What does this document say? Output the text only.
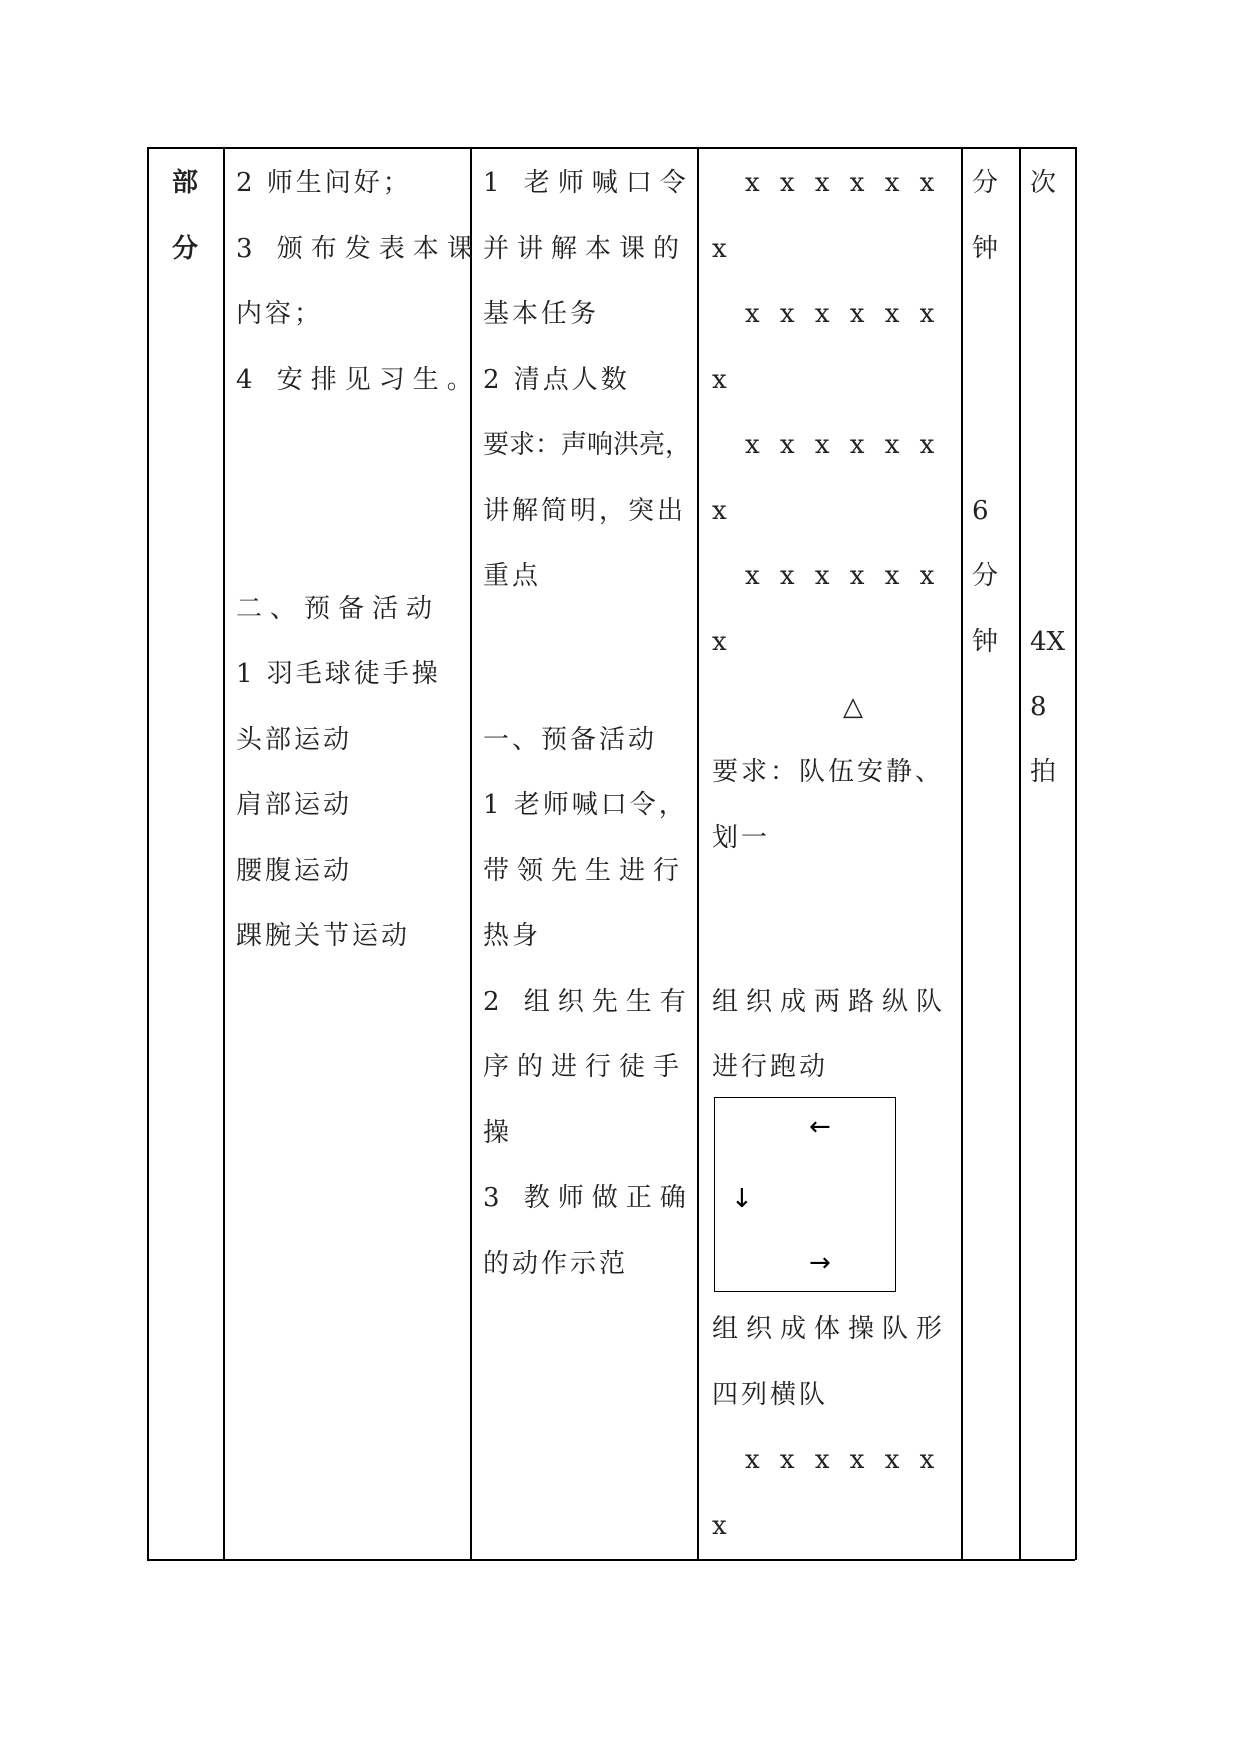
部
分
2 师生问好；
3 颁布发表本课
内容；
4 安排见习生。
二、预备活动
1 羽毛球徒手操
头部运动
肩部运动
腰腹运动
踝腕关节运动
1 老师喊口令
并讲解本课的
基本任务
2 清点人数
要求：声响洪亮，
讲解简明，突出
重点
一、预备活动
1 老师喊口令，
带领先生进行
热身
2 组织先生有
序的进行徒手
操
3 教师做正确
的动作示范
x x x x x x
x
x x x x x x
x
x x x x x x
x
x x x x x x
x
△
要求：队伍安静、
划一
组织成两路纵队
进行跑动
←
↓
→
组织成体操队形
四列横队
x x x x x x
x
分
钟
6
分
钟
次
4X
8
拍
